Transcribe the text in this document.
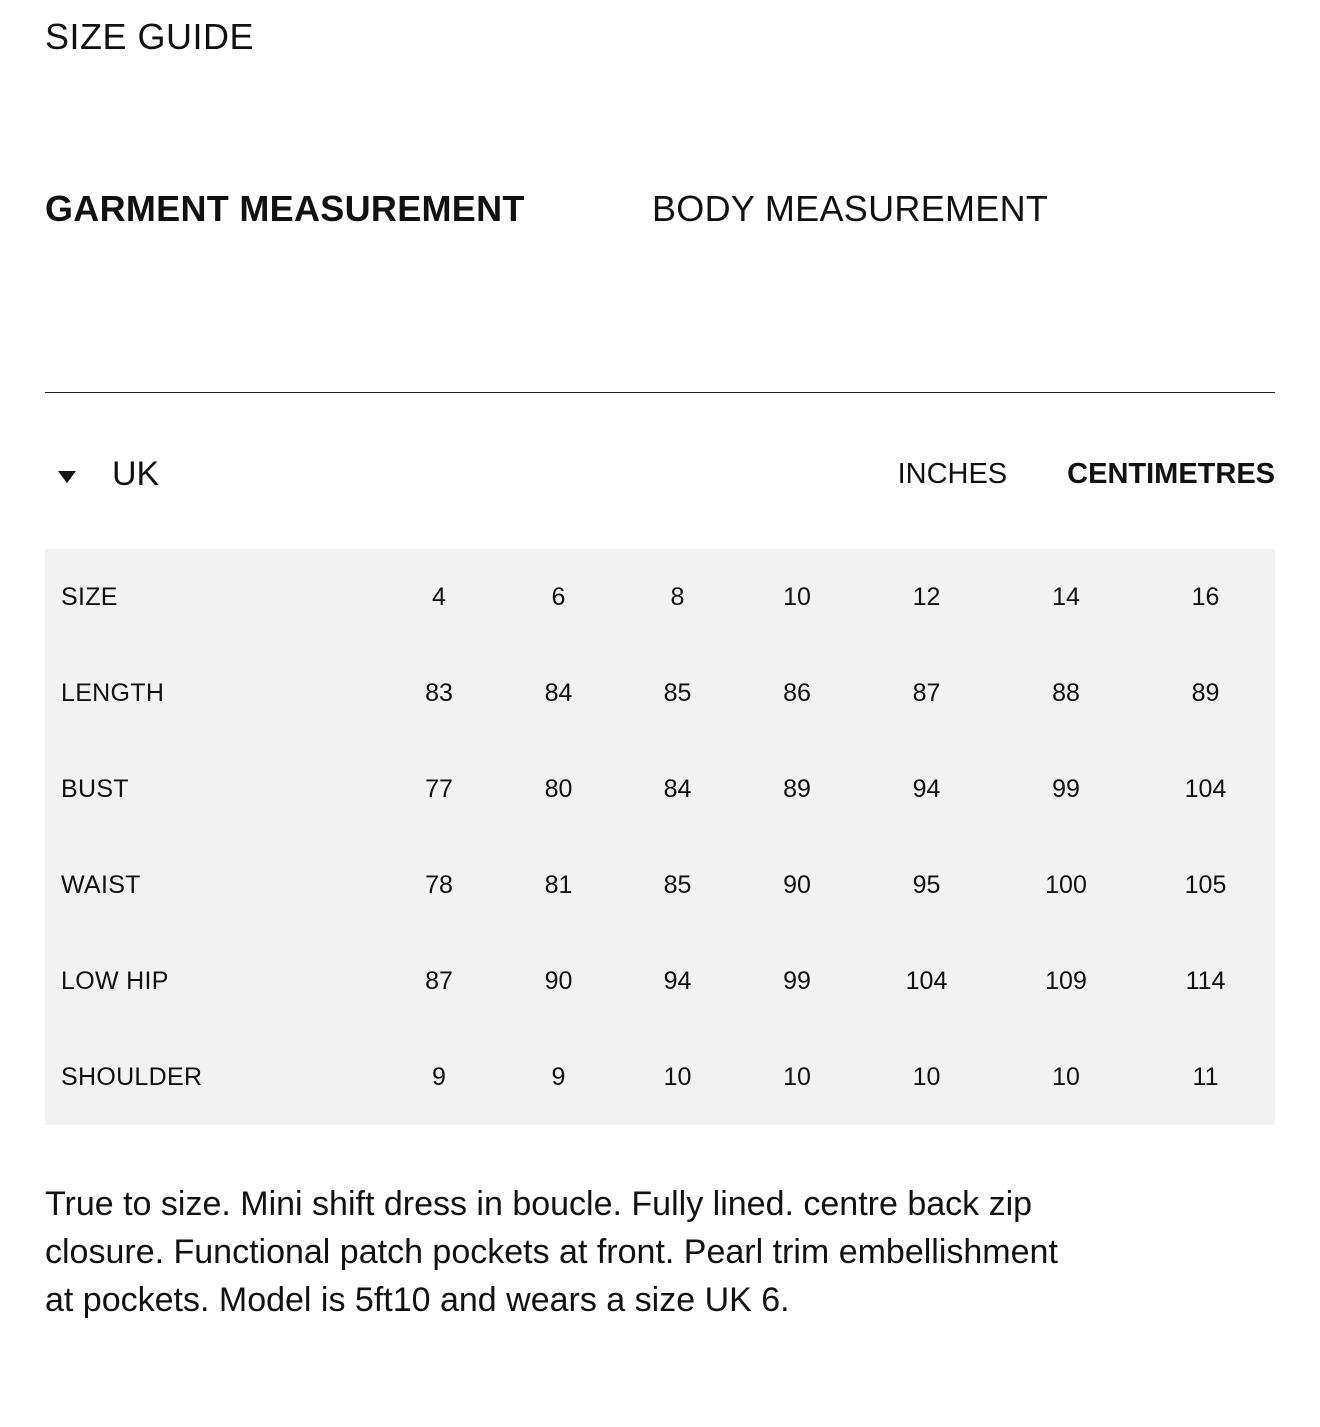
SIZE GUIDE
GARMENT MEASUREMENT	BODY MEASUREMENT
UK	INCHES CENTIMETRES
SIZE	4	6	8	10	12	14	16
LENGTH	83	84	85	86	87	88	89
BUST	77	80	84	89	94	99	104
WAIST	78	81	85	90	95	100	105
LOW HIP	87	90	94	99	104	109	114
SHOULDER	9	9	10	10	10	10	11

True to size. Mini shift dress in boucle. Fully lined. centre back zip closure. Functional patch pockets at front. Pearl trim embellishment at pockets. Model is 5ft10 and wears a size UK 6.
